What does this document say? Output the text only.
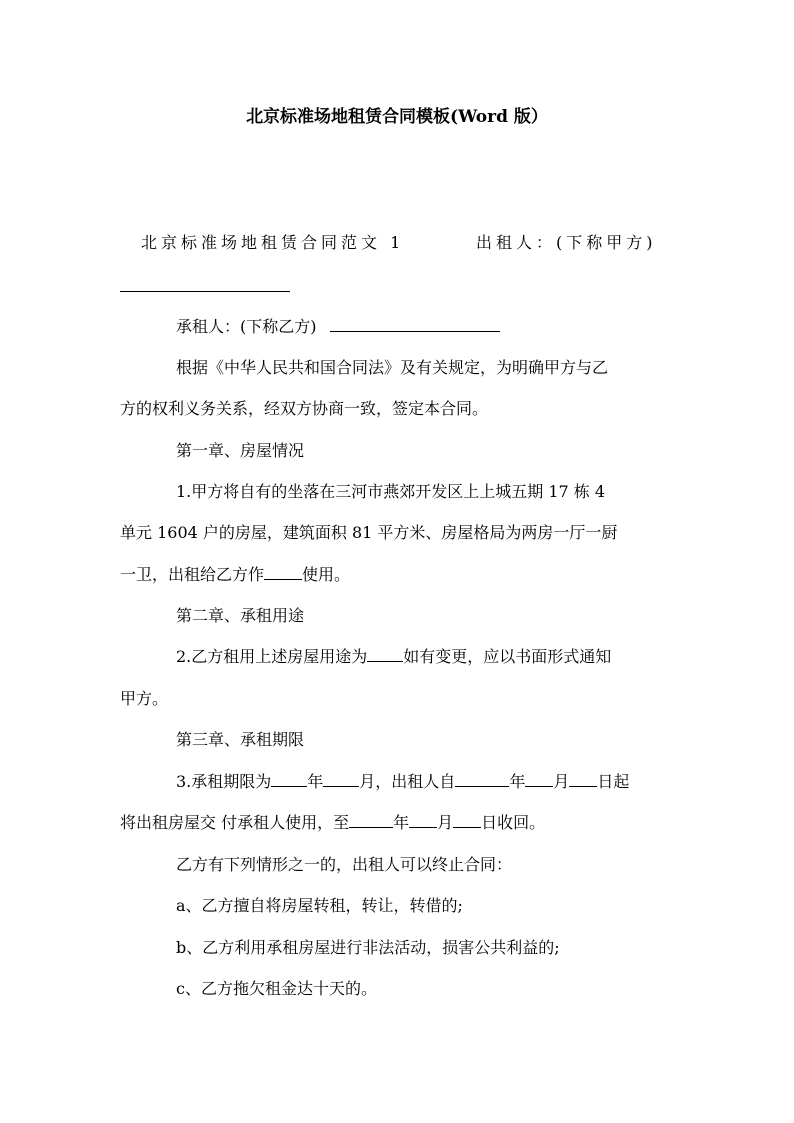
北京标准场地租赁合同模板(Word 版）
北京标准场地租赁合同范文 1	出租人：(下称甲方)
承租人：(下称乙方)
根据《中华人民共和国合同法》及有关规定，为明确甲方与乙
方的权利义务关系，经双方协商一致，签定本合同。
第一章、房屋情况
1.甲方将自有的坐落在三河市燕郊开发区上上城五期 17 栋 4
单元 1604 户的房屋，建筑面积 81 平方米、房屋格局为两房一厅一厨
一卫，出租给乙方作 使用。
第二章、承租用途
2.乙方租用上述房屋用途为 如有变更，应以书面形式通知
甲方。
第三章、承租期限
3.承租期限为 年 月，出租人自	年 月 日起
将出租房屋交 付承租人使用，至	年 月 日收回。
乙方有下列情形之一的，出租人可以终止合同：
a、乙方擅自将房屋转租，转让，转借的;
b、乙方利用承租房屋进行非法活动，损害公共利益的;
c、乙方拖欠租金达十天的。
